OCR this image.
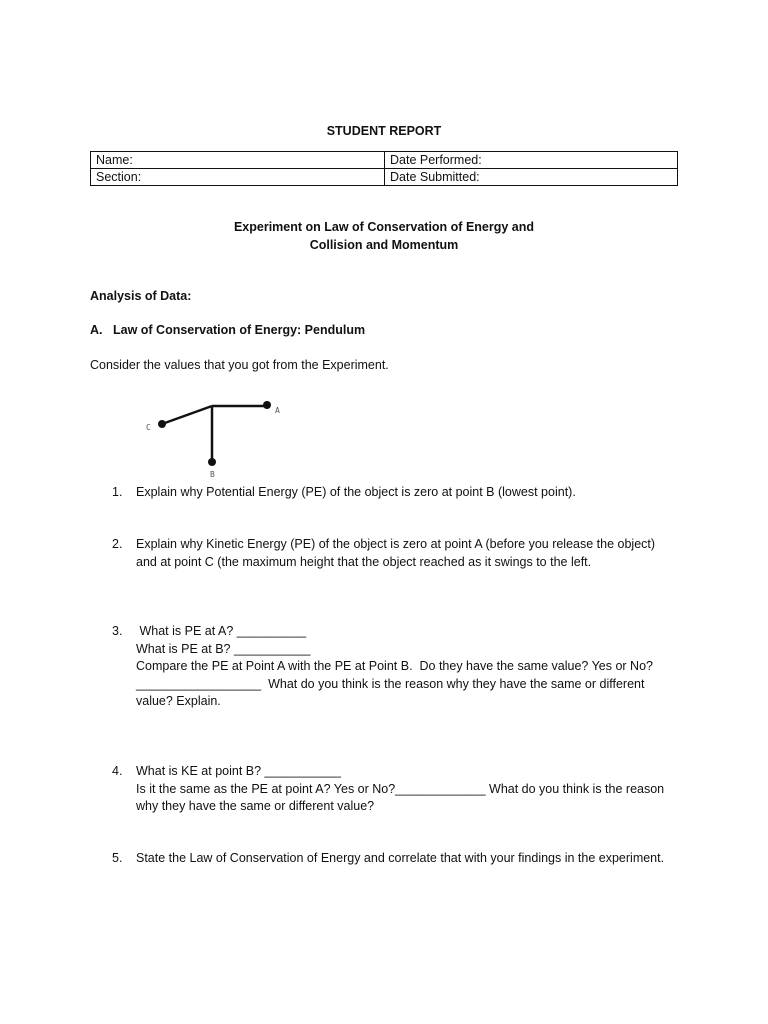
STUDENT REPORT
Name:	Date Performed:
Section:	Date Submitted:
Experiment on Law of Conservation of Energy and
Collision and Momentum
Analysis of Data:
A. Law of Conservation of Energy: Pendulum
Consider the values that you got from the Experiment.
A
C
B
1.	Explain why Potential Energy (PE) of the object is zero at point B (lowest point).
2.	Explain why Kinetic Energy (PE) of the object is zero at point A (before you release the object)
and at point C (the maximum height that the object reached as it swings to the left.
3.	What is PE at A? __________
What is PE at B? ___________
Compare the PE at Point A with the PE at Point B.  Do they have the same value? Yes or No?
__________________  What do you think is the reason why they have the same or different
value? Explain.
4.	What is KE at point B? ___________
Is it the same as the PE at point A? Yes or No?_____________ What do you think is the reason
why they have the same or different value?
5.	State the Law of Conservation of Energy and correlate that with your findings in the experiment.
